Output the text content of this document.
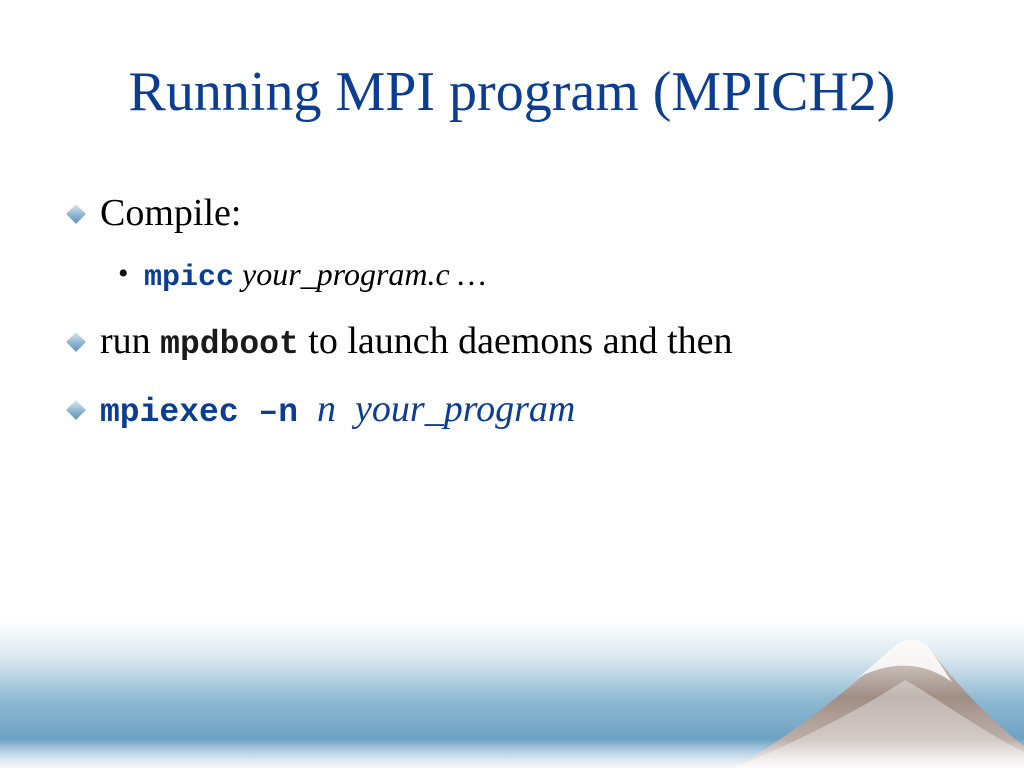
Running MPI program (MPICH2)
Compile:
• mpicc your_program.c …
run mpdboot to launch daemons and then
mpiexec –n n your_program
